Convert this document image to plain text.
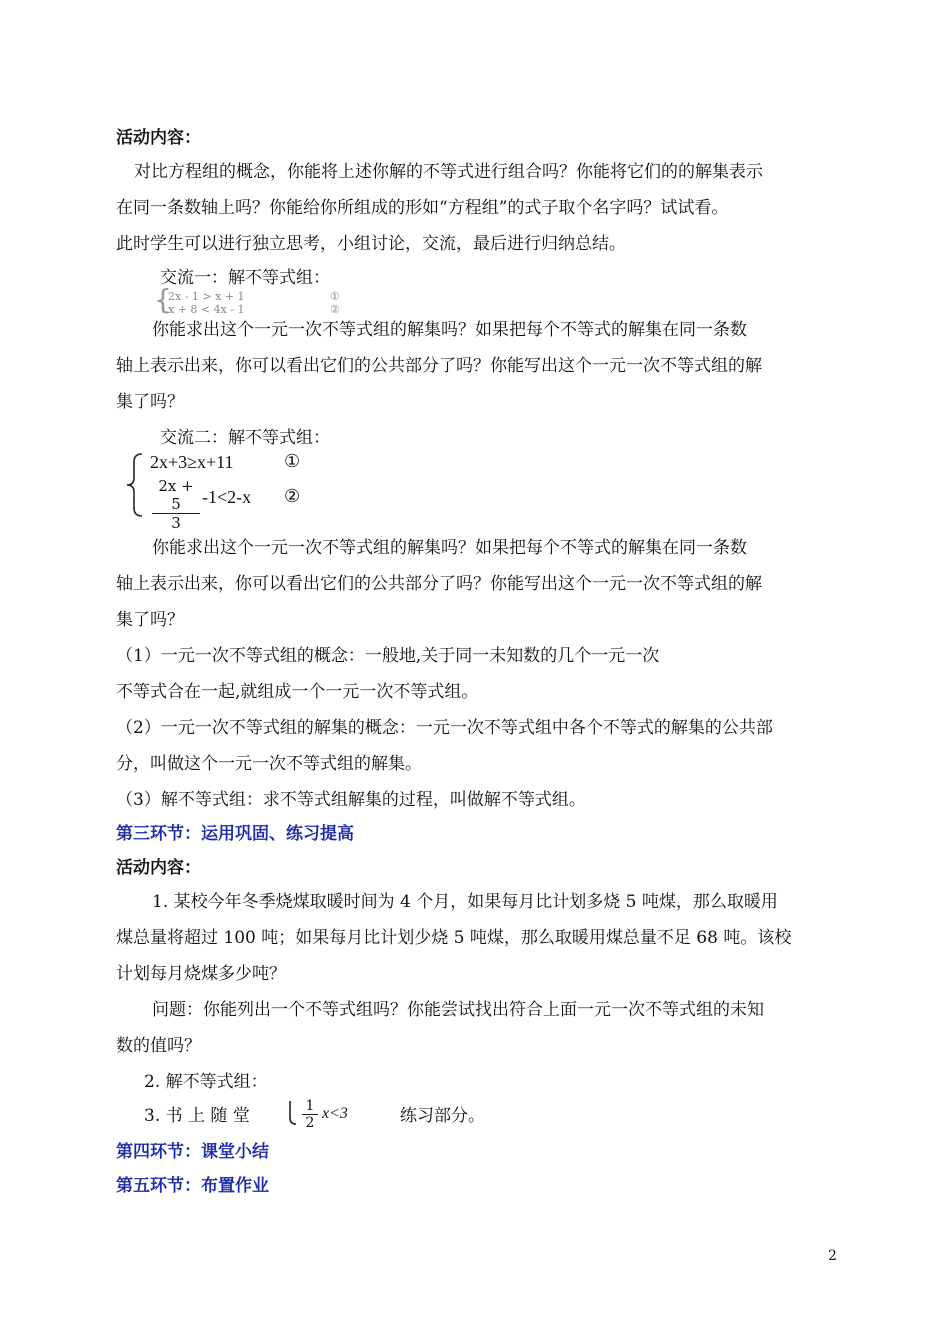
活动内容：
对比方程组的概念，你能将上述你解的不等式进行组合吗？你能将它们的的解集表示
在同一条数轴上吗？你能给你所组成的形如“方程组”的式子取个名字吗？试试看。
此时学生可以进行独立思考，小组讨论，交流，最后进行归纳总结。
交流一：解不等式组：
{
2x - 1 > x + 1	①
x + 8 < 4x - 1	②
你能求出这个一元一次不等式组的解集吗？如果把每个不等式的解集在同一条数
轴上表示出来，你可以看出它们的公共部分了吗？你能写出这个一元一次不等式组的解
集了吗？
交流二：解不等式组：
2x+3≥x+11	①
$\frac{2x + 5}{3} -1<2-x$ ②
你能求出这个一元一次不等式组的解集吗？如果把每个不等式的解集在同一条数
轴上表示出来，你可以看出它们的公共部分了吗？你能写出这个一元一次不等式组的解
集了吗？
（1）一元一次不等式组的概念：一般地,关于同一未知数的几个一元一次
不等式合在一起,就组成一个一元一次不等式组。
（2）一元一次不等式组的解集的概念：一元一次不等式组中各个不等式的解集的公共部
分，叫做这个一元一次不等式组的解集。
（3）解不等式组：求不等式组解集的过程，叫做解不等式组。
第三环节：运用巩固、练习提高
活动内容：
1. 某校今年冬季烧煤取暖时间为 4 个月，如果每月比计划多烧 5 吨煤，那么取暖用
煤总量将超过 100 吨；如果每月比计划少烧 5 吨煤，那么取暖用煤总量不足 68 吨。该校
计划每月烧煤多少吨？
问题：你能列出一个不等式组吗？你能尝试找出符合上面一元一次不等式组的未知
数的值吗？
2. 解不等式组：
3. 书 上 随 堂	$\frac{1}{2} x<3$	练习部分。
第四环节：课堂小结
第五环节：布置作业
2
